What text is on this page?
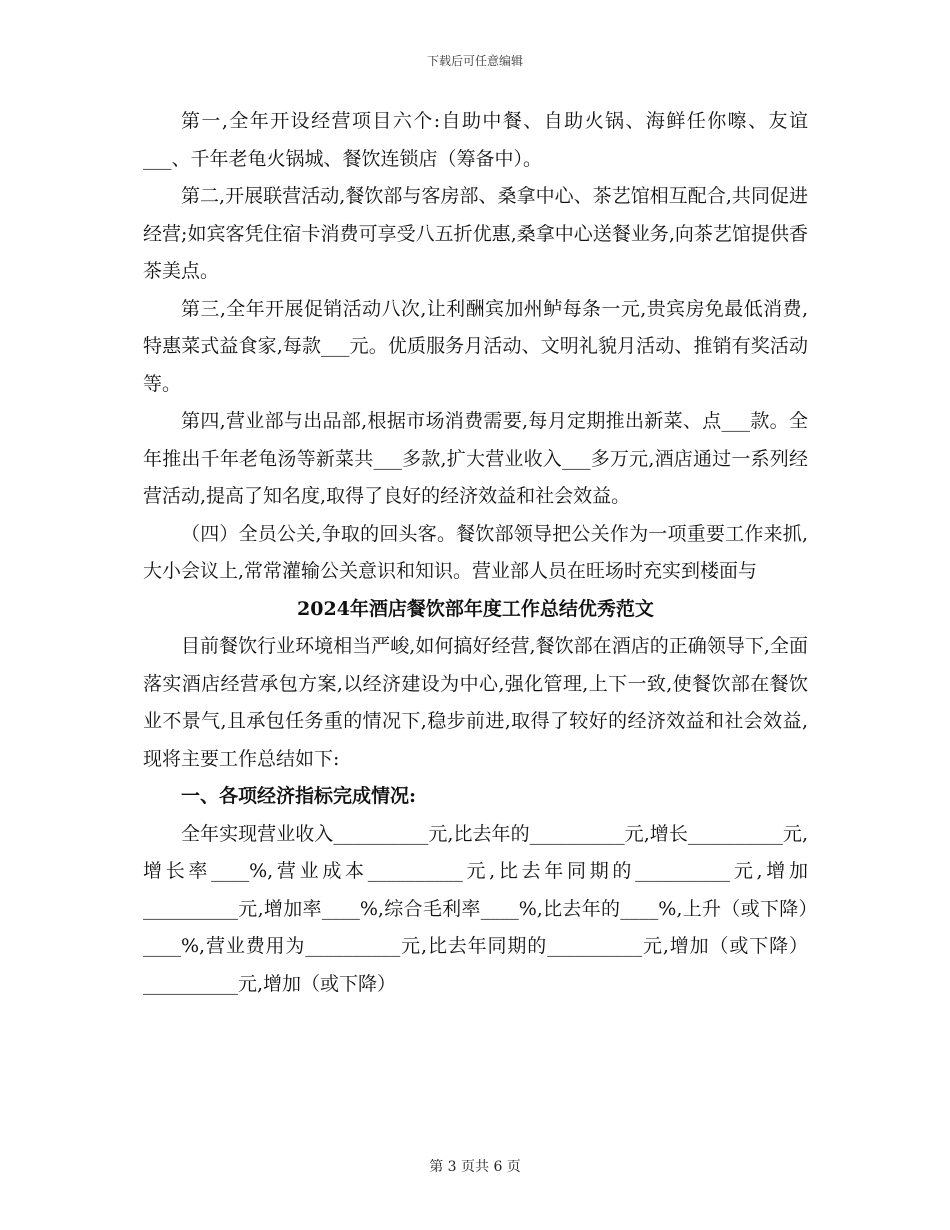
下载后可任意编辑

第一,全年开设经营项目六个:自助中餐、自助火锅、海鲜任你嚓、友谊___、千年老龟火锅城、餐饮连锁店（筹备中）。

第二,开展联营活动,餐饮部与客房部、桑拿中心、茶艺馆相互配合,共同促进经营;如宾客凭住宿卡消费可享受八五折优惠,桑拿中心送餐业务,向茶艺馆提供香茶美点。

第三,全年开展促销活动八次,让利酬宾加州鲈每条一元,贵宾房免最低消费,特惠菜式益食家,每款___元。优质服务月活动、文明礼貌月活动、推销有奖活动等。

第四,营业部与出品部,根据市场消费需要,每月定期推出新菜、点___款。全年推出千年老龟汤等新菜共___多款,扩大营业收入___多万元,酒店通过一系列经营活动,提高了知名度,取得了良好的经济效益和社会效益。

（四）全员公关,争取的回头客。餐饮部领导把公关作为一项重要工作来抓,大小会议上,常常灌输公关意识和知识。营业部人员在旺场时充实到楼面与

2024年酒店餐饮部年度工作总结优秀范文

目前餐饮行业环境相当严峻,如何搞好经营,餐饮部在酒店的正确领导下,全面落实酒店经营承包方案,以经济建设为中心,强化管理,上下一致,使餐饮部在餐饮业不景气,且承包任务重的情况下,稳步前进,取得了较好的经济效益和社会效益,现将主要工作总结如下:

一、各项经济指标完成情况:

全年实现营业收入__________元,比去年的__________元,增长__________元,增长率____%,营业成本__________元,比去年同期的__________元,增加__________元,增加率____%,综合毛利率____%,比去年的____%,上升（或下降）____%,营业费用为__________元,比去年同期的__________元,增加（或下降）__________元,增加（或下降）

第 3 页共 6 页
